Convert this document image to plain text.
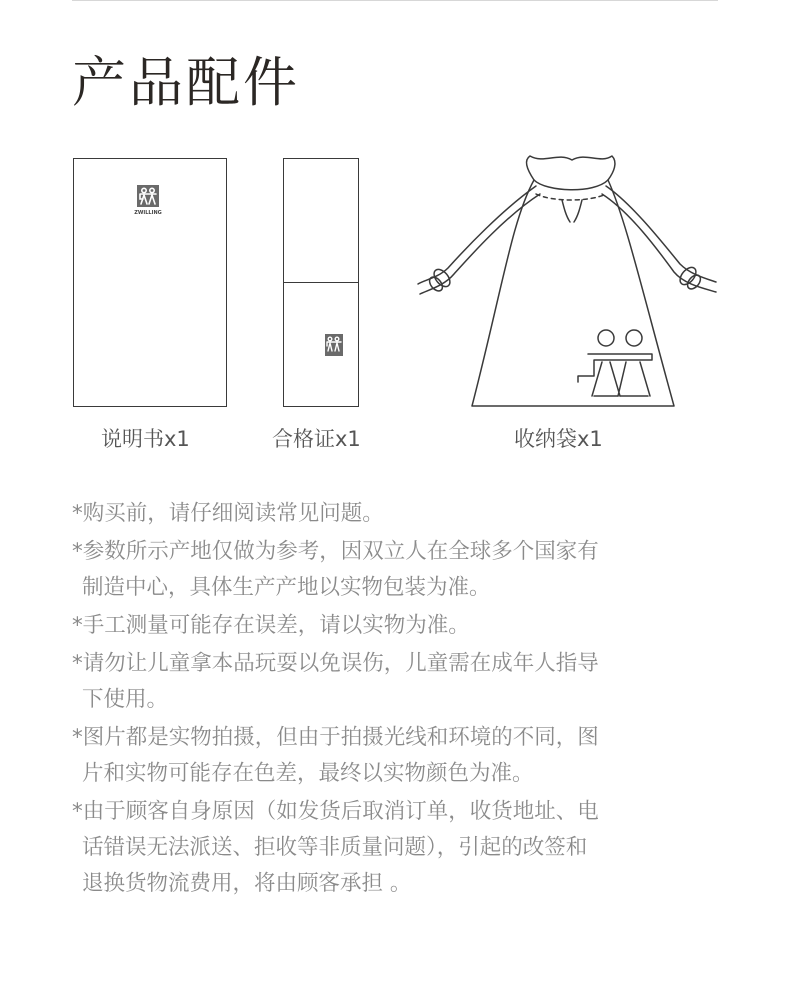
产品配件
ZWILLING
说明书x1	合格证x1	收纳袋x1

*购买前，请仔细阅读常见问题。

*参数所示产地仅做为参考，因双立人在全球多个国家有
制造中心，具体生产产地以实物包装为准。

*手工测量可能存在误差，请以实物为准。

*请勿让儿童拿本品玩耍以免误伤，儿童需在成年人指导
下使用。

*图片都是实物拍摄，但由于拍摄光线和环境的不同，图
片和实物可能存在色差，最终以实物颜色为准。

*由于顾客自身原因（如发货后取消订单，收货地址、电
话错误无法派送、拒收等非质量问题），引起的改签和
退换货物流费用，将由顾客承担 。
